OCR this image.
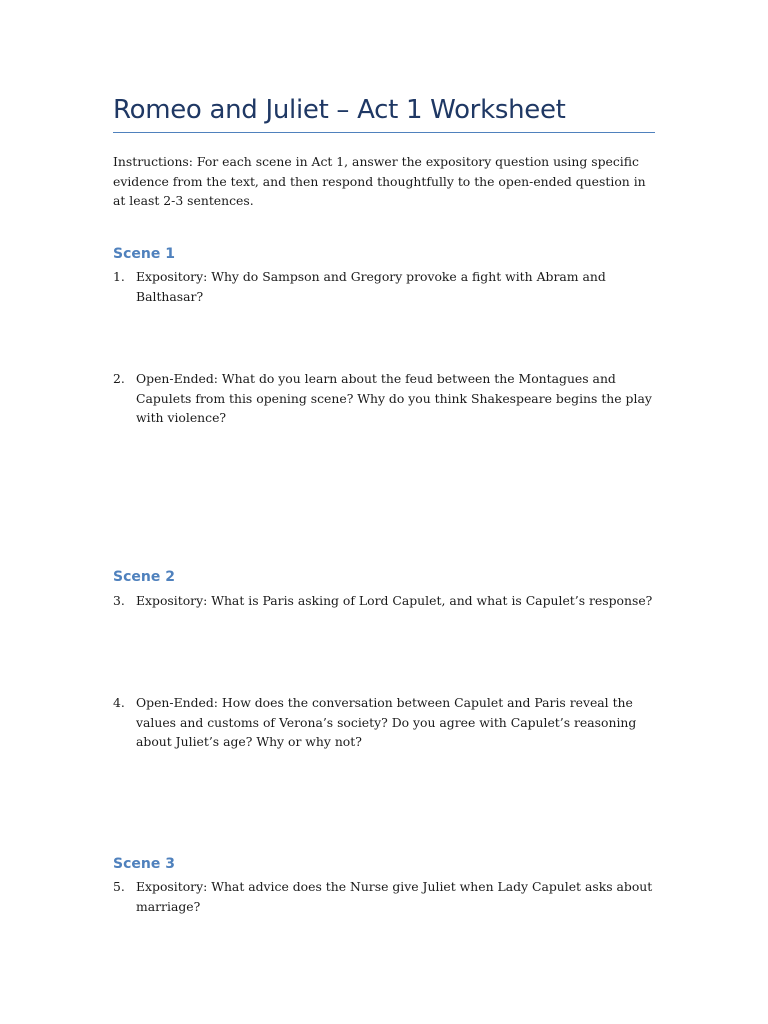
Romeo and Juliet – Act 1 Worksheet
Instructions: For each scene in Act 1, answer the expository question using specific evidence from the text, and then respond thoughtfully to the open-ended question in at least 2-3 sentences.
Scene 1
1. Expository: Why do Sampson and Gregory provoke a fight with Abram and Balthasar?
2. Open-Ended: What do you learn about the feud between the Montagues and Capulets from this opening scene? Why do you think Shakespeare begins the play with violence?
Scene 2
3. Expository: What is Paris asking of Lord Capulet, and what is Capulet’s response?
4. Open-Ended: How does the conversation between Capulet and Paris reveal the values and customs of Verona’s society? Do you agree with Capulet’s reasoning about Juliet’s age? Why or why not?
Scene 3
5. Expository: What advice does the Nurse give Juliet when Lady Capulet asks about marriage?
